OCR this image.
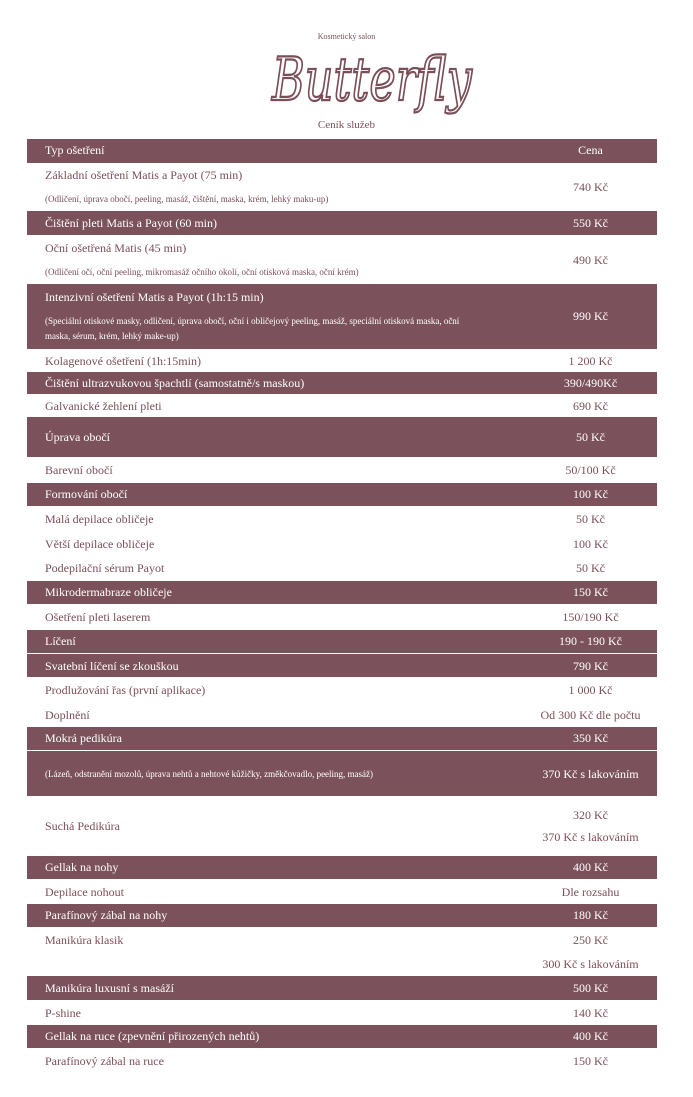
Kosmetický salon
Butterfly
Ceník služeb
Typ ošetření	Cena

Základní ošetření Matis a Payot (75 min)
(Odličení, úprava obočí, peeling, masáž, čištění, maska, krém, lehký maku-up)	740 Kč

Čištění pleti Matis a Payot (60 min)	550 Kč

Oční ošetřená Matis (45 min)
(Odličení očí, oční peeling, mikromasáž očního okolí, oční otisková maska, oční krém)	490 Kč

Intenzivní ošetření Matis a Payot (1h:15 min)
(Speciální otiskové masky, odličení, úprava obočí, oční i obličejový peeling, masáž, speciální otisková maska, oční maska, sérum, krém, lehký make-up)	990 Kč

Kolagenové ošetření (1h:15min)	1 200 Kč

Čištění ultrazvukovou špachtlí (samostatně/s maskou)	390/490Kč

Galvanické žehlení pleti	690 Kč

Úprava obočí	50 Kč

Barevní obočí	50/100 Kč

Formování obočí	100 Kč

Malá depilace obličeje	50 Kč

Větší depilace obličeje	100 Kč

Podepilační sérum Payot	50 Kč

Mikrodermabraze obličeje	150 Kč

Ošetření pleti laserem	150/190 Kč

Líčení	190 - 190 Kč

Svatební líčení se zkouškou	790 Kč

Prodlužování řas (první aplikace)	1 000 Kč

Doplnění	Od 300 Kč dle počtu

Mokrá pedikúra	350 Kč

(Lázeň, odstranění mozolů, úprava nehtů a nehtové kůžičky, změkčovadlo, peeling, masáž)	370 Kč s lakováním

Suchá Pedikúra	320 Kč
370 Kč s lakováním

Gellak na nohy	400 Kč

Depilace nohout	Dle rozsahu

Parafínový zábal na nohy	180 Kč

Manikúra klasik	250 Kč

	300 Kč s lakováním

Manikúra luxusní s masáží	500 Kč

P-shine	140 Kč

Gellak na ruce (zpevnění přirozených nehtů)	400 Kč

Parafínový zábal na ruce	150 Kč
